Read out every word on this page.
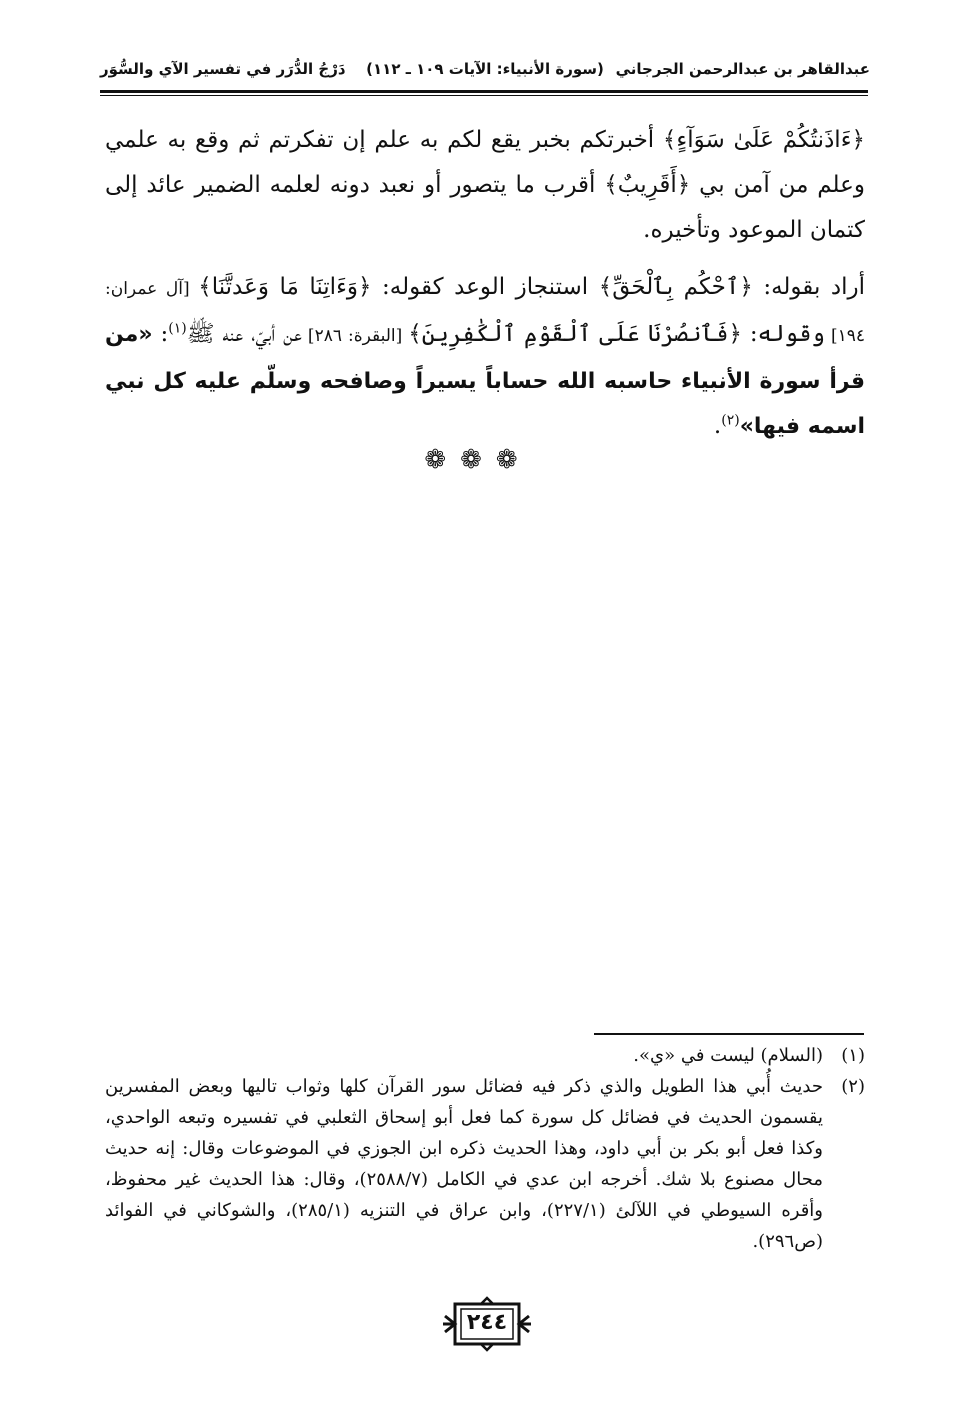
عبدالقاهر بن عبدالرحمن الجرجاني
(سورة الأنبياء: الآيات ١٠٩ ـ ١١٢)
دَرْجُ الدُّرَر في تفسير الآي والسُّوَر

﴿ءَاذَنتُكُمْ عَلَىٰ سَوَآءٍ﴾ أخبرتكم بخبر يقع لكم به علم إن تفكرتم ثم وقع به علمي وعلم من آمن بي ﴿أَقَرِيبٌ﴾ أقرب ما يتصور أو نعبد دونه لعلمه الضمير عائد إلى كتمان الموعود وتأخيره.

أراد بقوله: ﴿ٱحْكُم بِٱلْحَقِّ﴾ استنجاز الوعد كقوله: ﴿وَءَاتِنَا مَا وَعَدتَّنَا﴾ [آل عمران: ١٩٤] وقوله: ﴿فَٱنصُرْنَا عَلَى ٱلْقَوْمِ ٱلْكَٰفِرِينَ﴾ [البقرة: ٢٨٦] عن أبيّ، عنه ﷺ$^{(١)}$: «من قرأ سورة الأنبياء حاسبه الله حساباً يسيراً وصافحه وسلّم عليه كل نبي اسمه فيها»$^{(٢)}$.

❁❁❁
(١)
(السلام) ليست في «ي».
(٢)
حديث أُبي هذا الطويل والذي ذكر فيه فضائل سور القرآن كلها وثواب تاليها وبعض المفسرين يقسمون الحديث في فضائل كل سورة كما فعل أبو إسحاق الثعلبي في تفسيره وتبعه الواحدي، وكذا فعل أبو بكر بن أبي داود، وهذا الحديث ذكره ابن الجوزي في الموضوعات وقال: إنه حديث محال مصنوع بلا شك. أخرجه ابن عدي في الكامل (٢٥٨٨/٧)، وقال: هذا الحديث غير محفوظ، وأقره السيوطي في اللآلئ (٢٢٧/١)، وابن عراق في التنزيه (٢٨٥/١)، والشوكاني في الفوائد (ص٢٩٦).
٢٤٤
